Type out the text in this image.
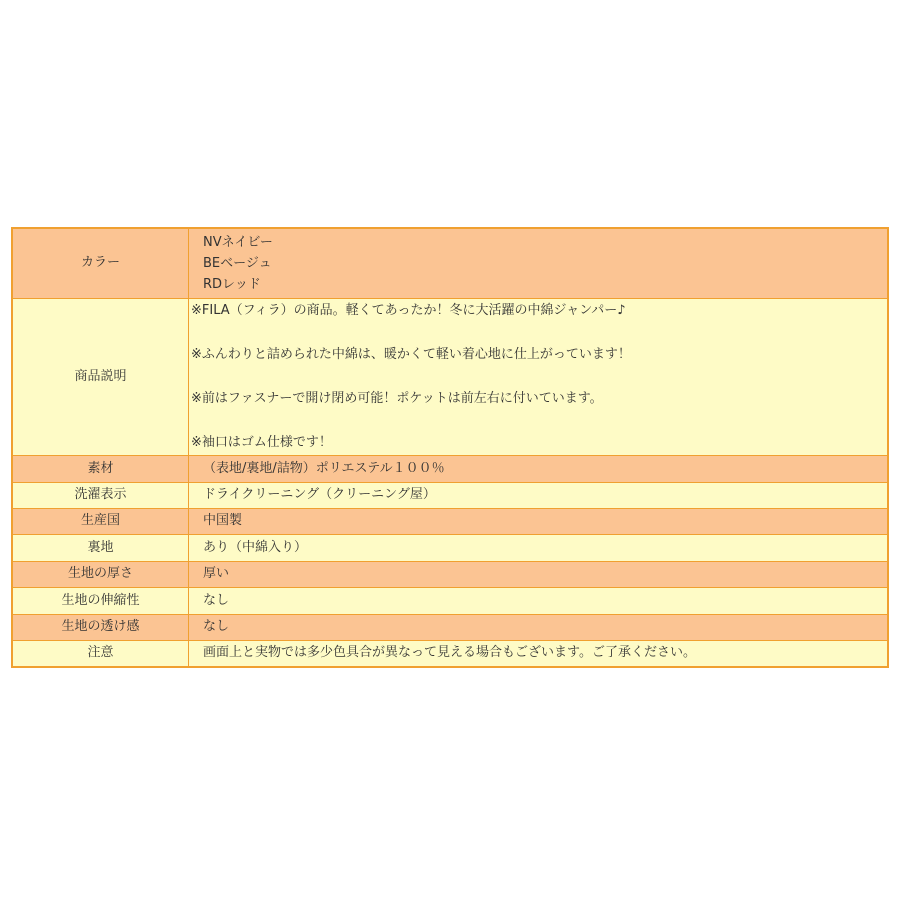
カラー	NVネイビー
BEベージュ
RDレッド

商品説明	※FILA（フィラ）の商品。軽くてあったか！冬に大活躍の中綿ジャンパー♪
※ふんわりと詰められた中綿は、暖かくて軽い着心地に仕上がっています！
※前はファスナーで開け閉め可能！ポケットは前左右に付いています。
※袖口はゴム仕様です！

素材	（表地/裏地/詰物）ポリエステル１００％
洗濯表示	ドライクリーニング（クリーニング屋）
生産国	中国製
裏地	あり（中綿入り）
生地の厚さ	厚い
生地の伸縮性	なし
生地の透け感	なし
注意	画面上と実物では多少色具合が異なって見える場合もございます。ご了承ください。
